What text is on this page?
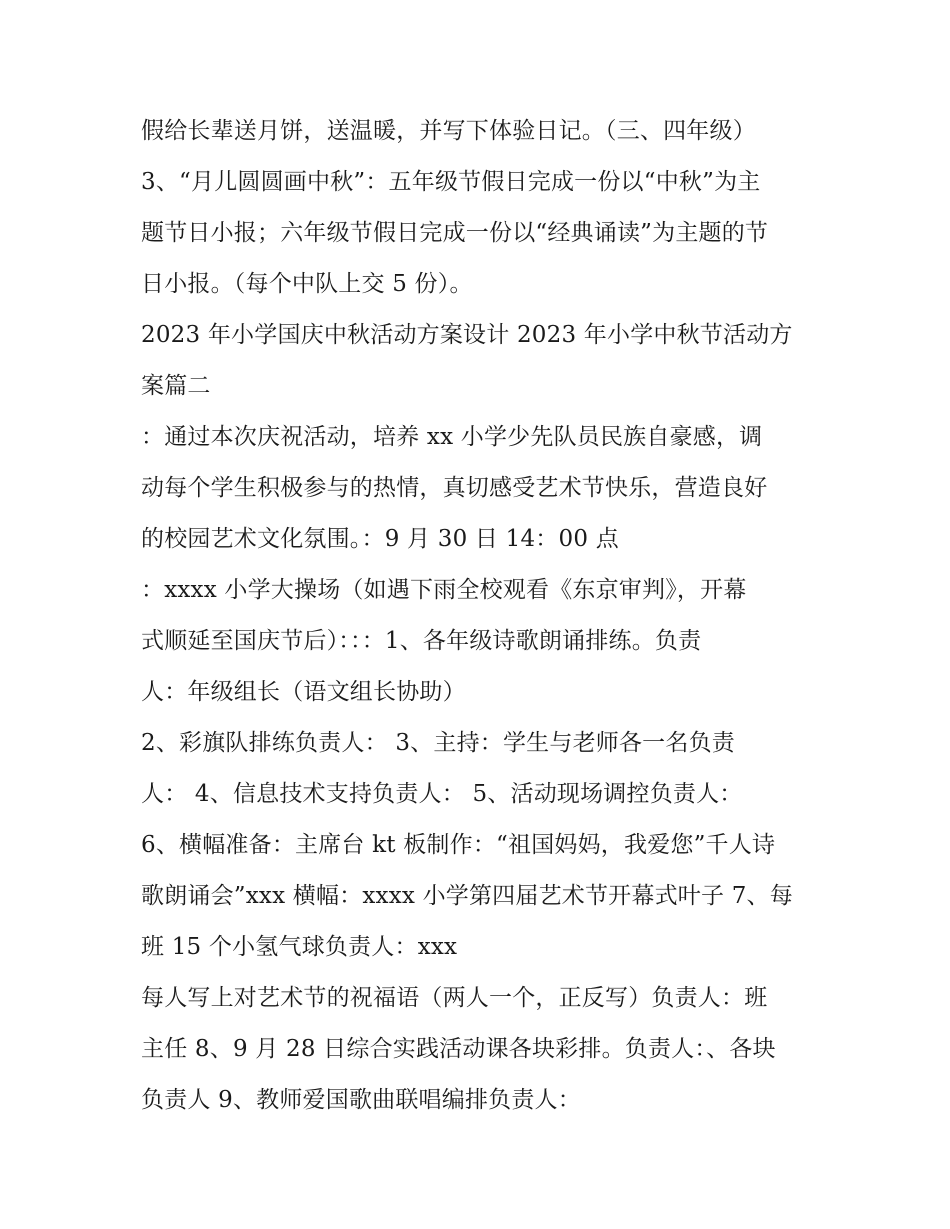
假给长辈送月饼，送温暖，并写下体验日记。（三、四年级）
3、“月儿圆圆画中秋”：五年级节假日完成一份以“中秋”为主
题节日小报；六年级节假日完成一份以“经典诵读”为主题的节
日小报。（每个中队上交 5 份）。
2023 年小学国庆中秋活动方案设计 2023 年小学中秋节活动方
案篇二
：通过本次庆祝活动，培养 xx 小学少先队员民族自豪感，调
动每个学生积极参与的热情，真切感受艺术节快乐，营造良好
的校园艺术文化氛围。：9 月 30 日 14：00 点
：xxxx 小学大操场（如遇下雨全校观看《东京审判》，开幕
式顺延至国庆节后）：：：1、各年级诗歌朗诵排练。负责
人：年级组长（语文组长协助）
2、彩旗队排练负责人： 3、主持：学生与老师各一名负责
人： 4、信息技术支持负责人： 5、活动现场调控负责人：
6、横幅准备：主席台 kt 板制作：“祖国妈妈，我爱您”千人诗
歌朗诵会”xxx 横幅：xxxx 小学第四届艺术节开幕式叶子 7、每
班 15 个小氢气球负责人：xxx
每人写上对艺术节的祝福语（两人一个，正反写）负责人：班
主任 8、9 月 28 日综合实践活动课各块彩排。负责人：、各块
负责人 9、教师爱国歌曲联唱编排负责人：
